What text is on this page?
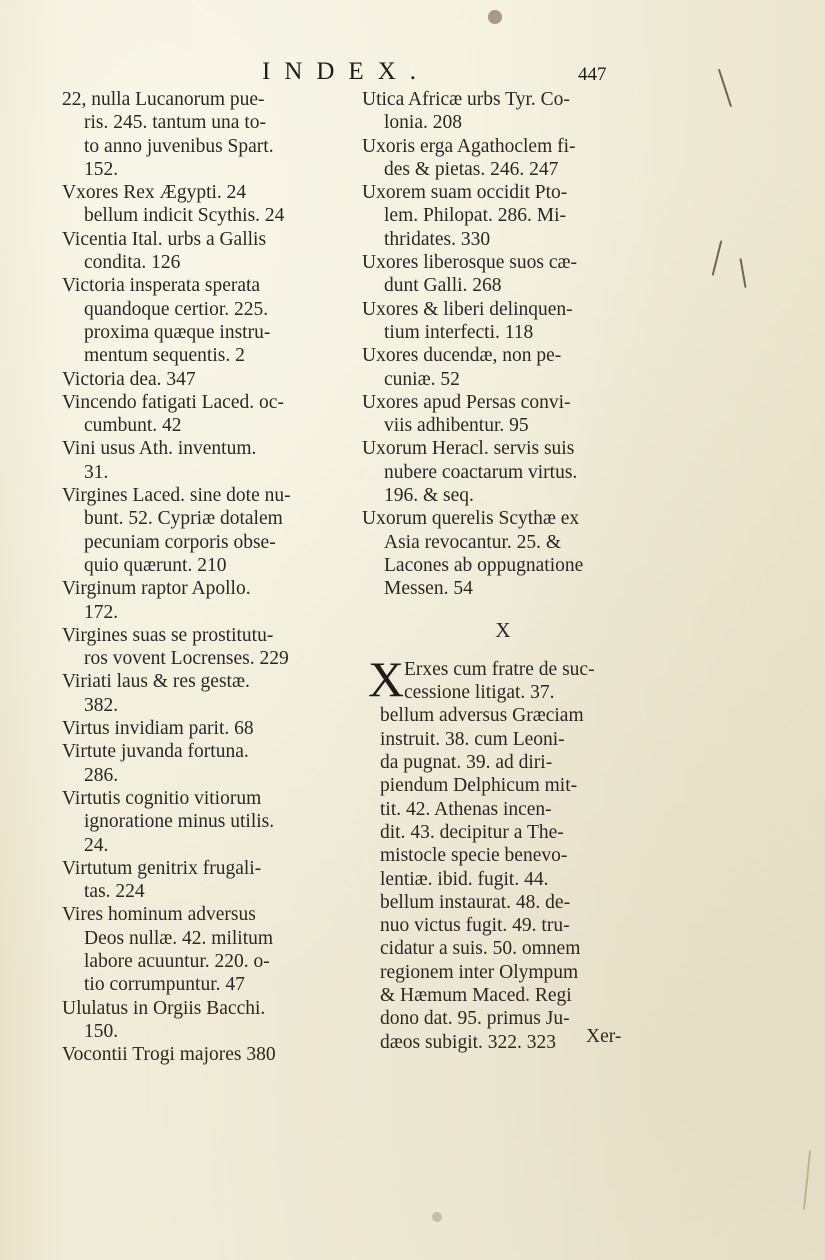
INDEX.	447
22, nulla Lucanorum pue-
ris. 245. tantum una to-
to anno juvenibus Spart.
152.
Vxores Rex Ægypti. 24
bellum indicit Scythis. 24
Vicentia Ital. urbs a Gallis
condita. 126
Victoria insperata sperata
quandoque certior. 225.
proxima quæque instru-
mentum sequentis. 2
Victoria dea. 347
Vincendo fatigati Laced. oc-
cumbunt. 42
Vini usus Ath. inventum.
31.
Virgines Laced. sine dote nu-
bunt. 52. Cypriæ dotalem
pecuniam corporis obse-
quio quærunt. 210
Virginum raptor Apollo.
172.
Virgines suas se prostitutu-
ros vovent Locrenses. 229
Viriati laus & res gestæ.
382.
Virtus invidiam parit. 68
Virtute juvanda fortuna.
286.
Virtutis cognitio vitiorum
ignoratione minus utilis.
24.
Virtutum genitrix frugali-
tas. 224
Vires hominum adversus
Deos nullæ. 42. militum
labore acuuntur. 220. o-
tio corrumpuntur. 47
Ululatus in Orgiis Bacchi.
150.
Vocontii Trogi majores 380
Utica Africæ urbs Tyr. Co-
lonia. 208
Uxoris erga Agathoclem fi-
des & pietas. 246. 247
Uxorem suam occidit Pto-
lem. Philopat. 286. Mi-
thridates. 330
Uxores liberosque suos cæ-
dunt Galli. 268
Uxores & liberi delinquen-
tium interfecti. 118
Uxores ducendæ, non pe-
cuniæ. 52
Uxores apud Persas convi-
viis adhibentur. 95
Uxorum Heracl. servis suis
nubere coactarum virtus.
196. & seq.
Uxorum querelis Scythæ ex
Asia revocantur. 25. &
Lacones ab oppugnatione
Messen. 54
X
X Erxes cum fratre de suc-
cessione litigat. 37.
bellum adversus Græciam
instruit. 38. cum Leoni-
da pugnat. 39. ad diri-
piendum Delphicum mit-
tit. 42. Athenas incen-
dit. 43. decipitur a The-
mistocle specie benevo-
lentiæ. ibid. fugit. 44.
bellum instaurat. 48. de-
nuo victus fugit. 49. tru-
cidatur a suis. 50. omnem
regionem inter Olympum
& Hæmum Maced. Regi
dono dat. 95. primus Ju-
dæos subigit. 322. 323	Xer-
